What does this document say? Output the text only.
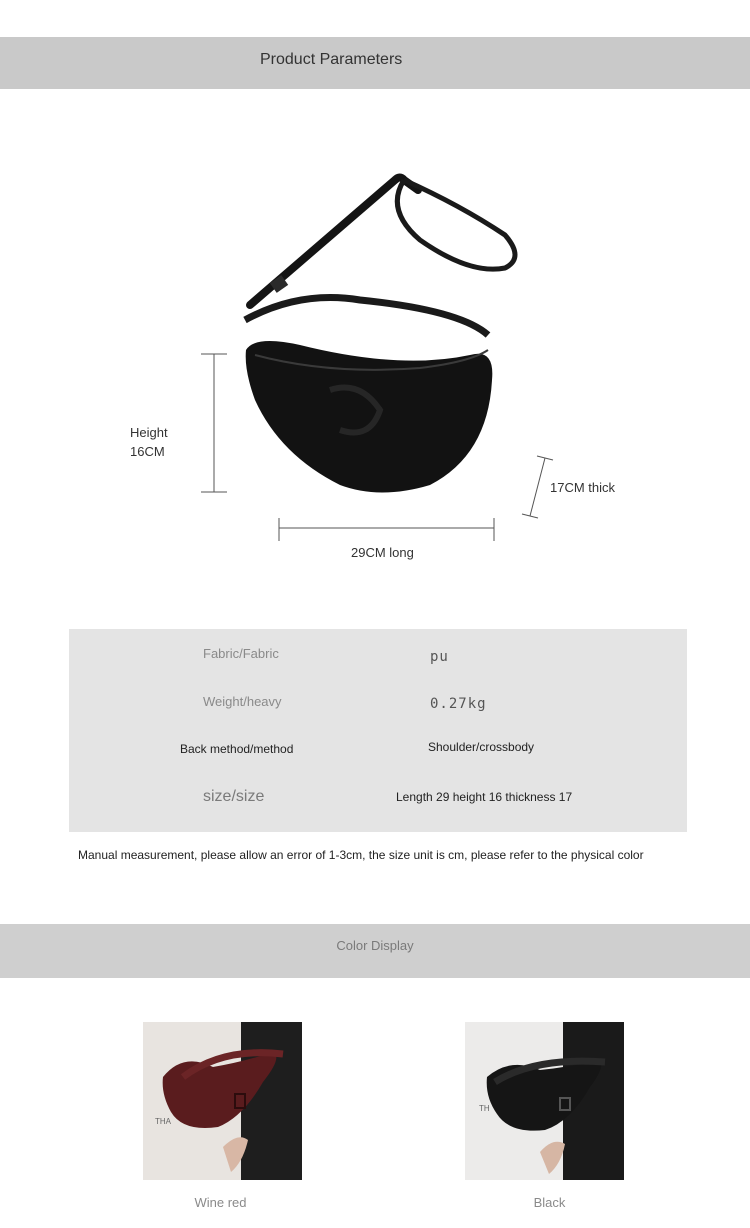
Product Parameters
Height
16CM
29CM long
17CM thick
Fabric/Fabric	pu
Weight/heavy	0.27kg
Back method/method	Shoulder/crossbody
size/size	Length 29 height 16 thickness 17
Manual measurement, please allow an error of 1-3cm, the size unit is cm, please refer to the physical color
Color Display
THA
Wine red
TH
Black
